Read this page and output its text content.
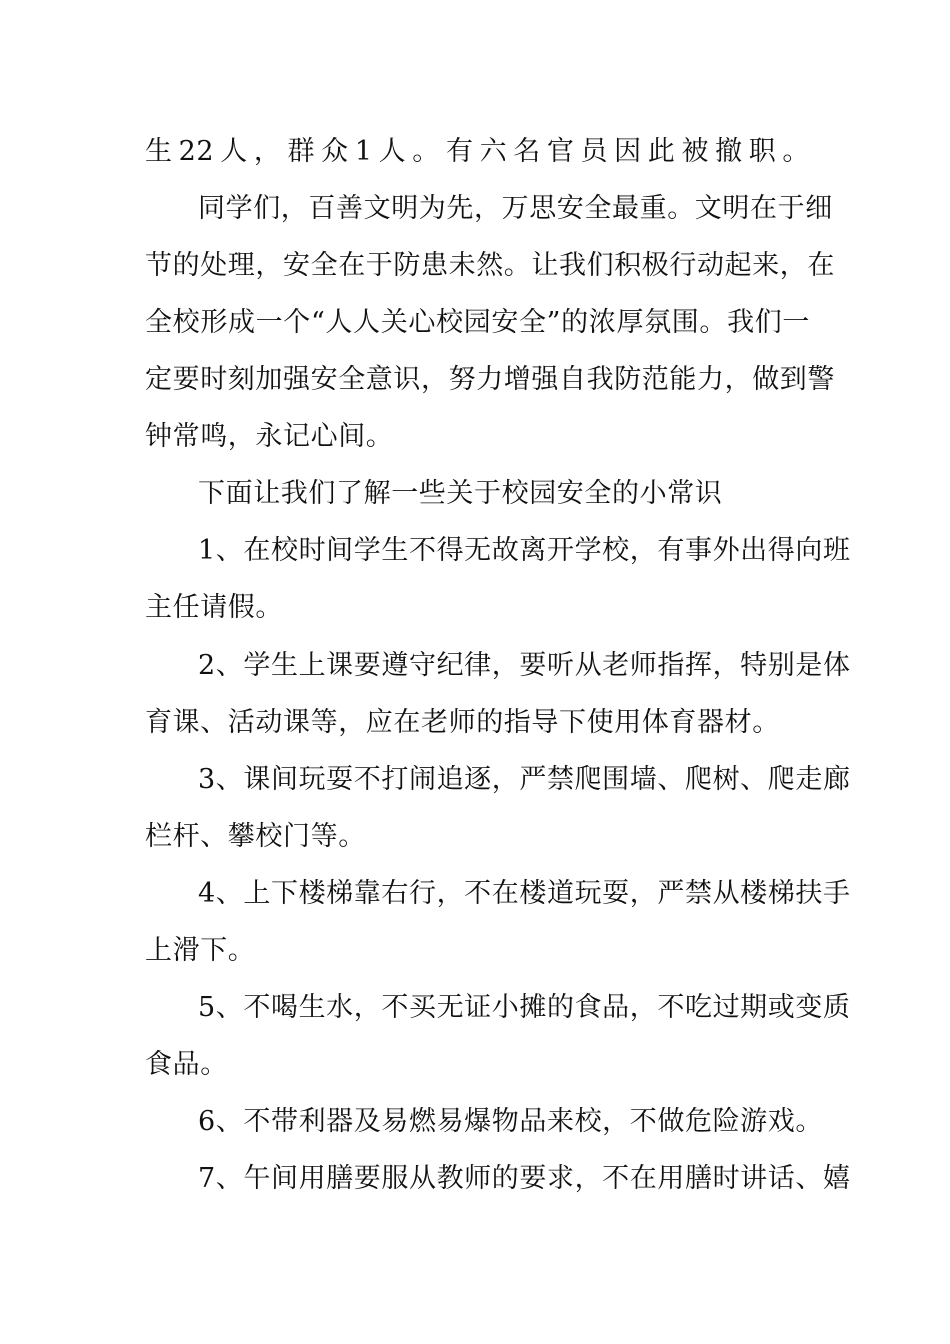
生22人，群众1人。有六名官员因此被撤职。
同学们，百善文明为先，万思安全最重。文明在于细
节的处理，安全在于防患未然。让我们积极行动起来，在
全校形成一个“人人关心校园安全”的浓厚氛围。我们一
定要时刻加强安全意识，努力增强自我防范能力，做到警
钟常鸣，永记心间。
下面让我们了解一些关于校园安全的小常识
1、在校时间学生不得无故离开学校，有事外出得向班
主任请假。
2、学生上课要遵守纪律，要听从老师指挥，特别是体
育课、活动课等，应在老师的指导下使用体育器材。
3、课间玩耍不打闹追逐，严禁爬围墙、爬树、爬走廊
栏杆、攀校门等。
4、上下楼梯靠右行，不在楼道玩耍，严禁从楼梯扶手
上滑下。
5、不喝生水，不买无证小摊的食品，不吃过期或变质
食品。
6、不带利器及易燃易爆物品来校，不做危险游戏。
7、午间用膳要服从教师的要求，不在用膳时讲话、嬉
